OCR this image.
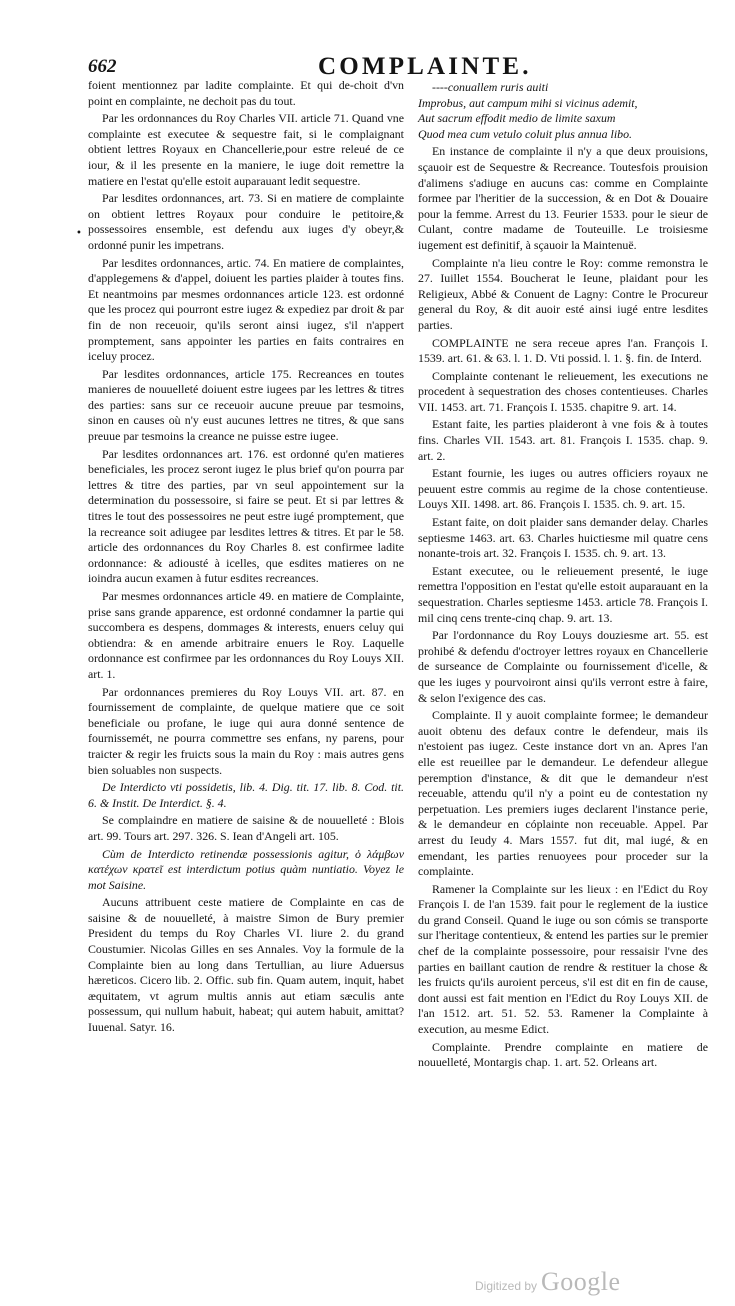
662	COMPLAINTE.
•

foient mentionnez par ladite complainte. Et qui de-choit d'vn point en complainte, ne dechoit pas du tout.

Par les ordonnances du Roy Charles VII. article 71. Quand vne complainte est executee & sequestre fait, si le complaignant obtient lettres Royaux en Chancellerie,pour estre releué de ce iour, & il les presente en la maniere, le iuge doit remettre la matiere en l'estat qu'elle estoit auparauant ledit sequestre.

Par lesdites ordonnances, art. 73. Si en matiere de complainte on obtient lettres Royaux pour conduire le petitoire,& possessoires ensemble, est defendu aux iuges d'y obeyr,& ordonné punir les impetrans.

Par lesdites ordonnances, artic. 74. En matiere de complaintes, d'applegemens & d'appel, doiuent les parties plaider à toutes fins. Et neantmoins par mesmes ordonnances article 123. est ordonné que les procez qui pourront estre iugez & expediez par droit & par fin de non receuoir, qu'ils seront ainsi iugez, s'il n'appert promptement, sans appointer les parties en faits contraires en iceluy procez.

Par lesdites ordonnances, article 175. Recreances en toutes manieres de nouuelleté doiuent estre iugees par les lettres & titres des parties: sans sur ce receuoir aucune preuue par tesmoins, sinon en causes où n'y eust aucunes lettres ne titres, & que sans preuue par tesmoins la creance ne puisse estre iugee.

Par lesdites ordonnances art. 176. est ordonné qu'en matieres beneficiales, les procez seront iugez le plus brief qu'on pourra par lettres & titre des parties, par vn seul appointement sur la determination du possessoire, si faire se peut. Et si par lettres & titres le tout des possessoires ne peut estre iugé promptement, que la recreance soit adiugee par lesdites lettres & titres. Et par le 58. article des ordonnances du Roy Charles 8. est confirmee ladite ordonnance: & adiousté à icelles, que esdites matieres on ne ioindra aucun examen à futur esdites recreances.

Par mesmes ordonnances article 49. en matiere de Complainte, prise sans grande apparence, est ordonné condamner la partie qui succombera es despens, dommages & interests, enuers celuy qui obtiendra: & en amende arbitraire enuers le Roy. Laquelle ordonnance est confirmee par les ordonnances du Roy Louys XII. art. 1.

Par ordonnances premieres du Roy Louys VII. art. 87. en fournissement de complainte, de quelque matiere que ce soit beneficiale ou profane, le iuge qui aura donné sentence de fournissemét, ne pourra commettre ses enfans, ny parens, pour traicter & regir les fruicts sous la main du Roy : mais autres gens bien soluables non suspects.

De Interdicto vti possidetis, lib. 4. Dig. tit. 17. lib. 8. Cod. tit. 6. & Instit. De Interdict. §. 4.

Se complaindre en matiere de saisine & de nouuelleté : Blois art. 99. Tours art. 297. 326. S. Iean d'Angeli art. 105.

Cùm de Interdicto retinendæ possessionis agitur, ὁ λάμβων κατέχων κρατεῖ est interdictum potius quàm nuntiatio. Voyez le mot Saisine.

Aucuns attribuent ceste matiere de Complainte en cas de saisine & de nouuelleté, à maistre Simon de Bury premier President du temps du Roy Charles VI. liure 2. du grand Coustumier. Nicolas Gilles en ses Annales. Voy la formule de la Complainte bien au long dans Tertullian, au liure Aduersus hæreticos. Cicero lib. 2. Offic. sub fin. Quam autem, inquit, habet æquitatem, vt agrum multis annis aut etiam sæculis ante possessum, qui nullum habuit, habeat; qui autem habuit, amittat? Iuuenal. Satyr. 16.

----conuallem ruris auiti
Improbus, aut campum mihi si vicinus ademit,
Aut sacrum effodit medio de limite saxum
Quod mea cum vetulo coluit plus annua libo.

En instance de complainte il n'y a que deux prouisions, sçauoir est de Sequestre & Recreance. Toutesfois prouision d'alimens s'adiuge en aucuns cas: comme en Complainte formee par l'heritier de la succession, & en Dot & Douaire pour la femme. Arrest du 13. Feurier 1533. pour le sieur de Culant, contre madame de Touteuille. Le troisiesme iugement est definitif, à sçauoir la Maintenuë.

Complainte n'a lieu contre le Roy: comme remonstra le 27. Iuillet 1554. Boucherat le Ieune, plaidant pour les Religieux, Abbé & Conuent de Lagny: Contre le Procureur general du Roy, & dit auoir esté ainsi iugé entre lesdites parties.

COMPLAINTE ne sera receue apres l'an. François I. 1539. art. 61. & 63. l. 1. D. Vti possid. l. 1. §. fin. de Interd.

Complainte contenant le relieuement, les executions ne procedent à sequestration des choses contentieuses. Charles VII. 1453. art. 71. François I. 1535. chapitre 9. art. 14.

Estant faite, les parties plaideront à vne fois & à toutes fins. Charles VII. 1543. art. 81. François I. 1535. chap. 9. art. 2.

Estant fournie, les iuges ou autres officiers royaux ne peuuent estre commis au regime de la chose contentieuse. Louys XII. 1498. art. 86. François I. 1535. ch. 9. art. 15.

Estant faite, on doit plaider sans demander delay. Charles septiesme 1463. art. 63. Charles huictiesme mil quatre cens nonante-trois art. 32. François I. 1535. ch. 9. art. 13.

Estant executee, ou le relieuement presenté, le iuge remettra l'opposition en l'estat qu'elle estoit auparauant en la sequestration. Charles septiesme 1453. article 78. François I. mil cinq cens trente-cinq chap. 9. art. 13.

Par l'ordonnance du Roy Louys douziesme art. 55. est prohibé & defendu d'octroyer lettres royaux en Chancellerie de surseance de Complainte ou fournissement d'icelle, & que les iuges y pourvoiront ainsi qu'ils verront estre à faire, & selon l'exigence des cas.

Complainte. Il y auoit complainte formee; le demandeur auoit obtenu des defaux contre le defendeur, mais ils n'estoient pas iugez. Ceste instance dort vn an. Apres l'an elle est reueillee par le demandeur. Le defendeur allegue peremption d'instance, & dit que le demandeur n'est receuable, attendu qu'il n'y a point eu de contestation ny perpetuation. Les premiers iuges declarent l'instance perie, & le demandeur en cóplainte non receuable. Appel. Par arrest du Ieudy 4. Mars 1557. fut dit, mal iugé, & en emendant, les parties renuoyees pour proceder sur la complainte.

Ramener la Complainte sur les lieux : en l'Edict du Roy François I. de l'an 1539. fait pour le reglement de la iustice du grand Conseil. Quand le iuge ou son cómis se transporte sur l'heritage contentieux, & entend les parties sur le premier chef de la complainte possessoire, pour ressaisir l'vne des parties en baillant caution de rendre & restituer la chose & les fruicts qu'ils auroient perceus, s'il est dit en fin de cause, dont aussi est fait mention en l'Edict du Roy Louys XII. de l'an 1512. art. 51. 52. 53. Ramener la Complainte à execution, au mesme Edict.

Complainte. Prendre complainte en matiere de nouuelleté, Montargis chap. 1. art. 52. Orleans art.

Digitized by Google
